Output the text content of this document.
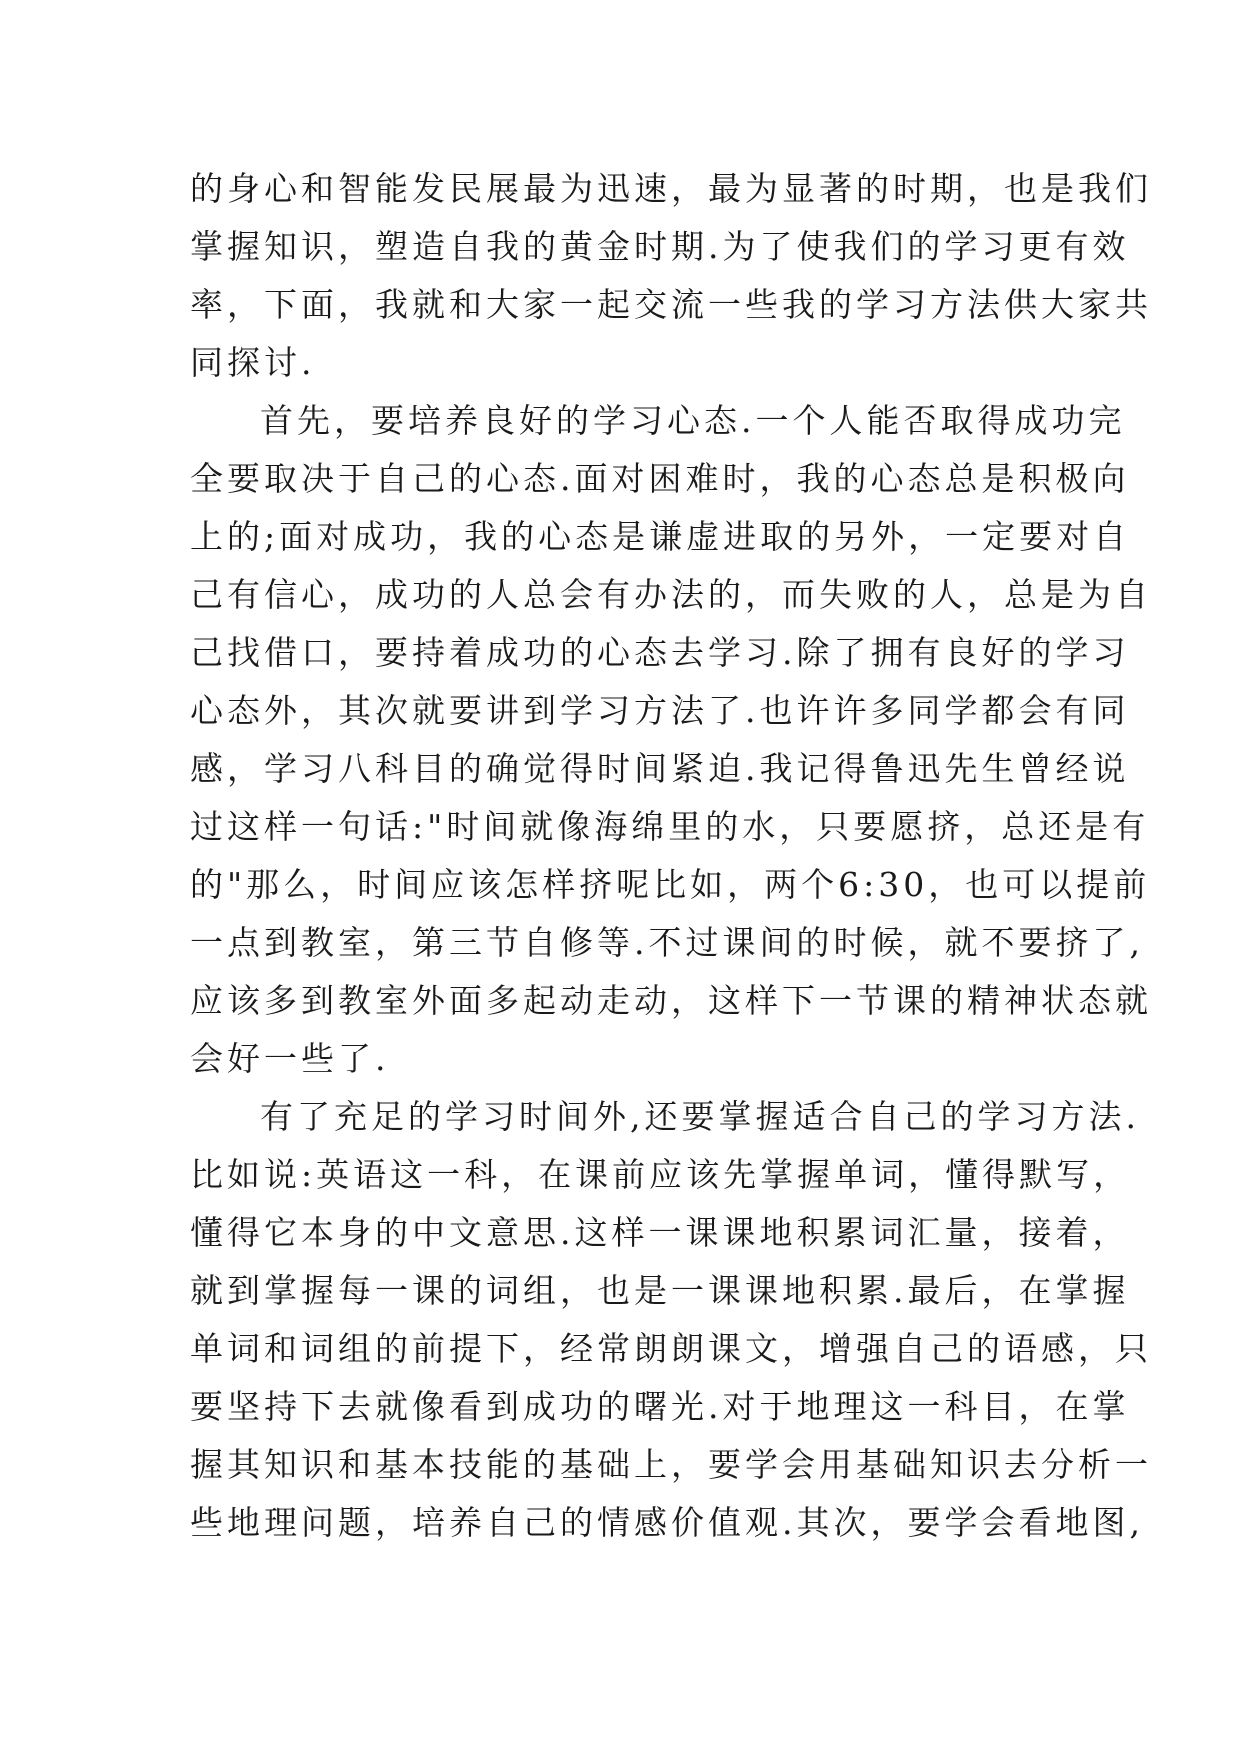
的身心和智能发民展最为迅速，最为显著的时期，也是我们
掌握知识，塑造自我的黄金时期.为了使我们的学习更有效
率，下面，我就和大家一起交流一些我的学习方法供大家共
同探讨.
首先，要培养良好的学习心态.一个人能否取得成功完
全要取决于自己的心态.面对困难时，我的心态总是积极向
上的;面对成功，我的心态是谦虚进取的另外，一定要对自
己有信心，成功的人总会有办法的，而失败的人，总是为自
己找借口，要持着成功的心态去学习.除了拥有良好的学习
心态外，其次就要讲到学习方法了.也许许多同学都会有同
感，学习八科目的确觉得时间紧迫.我记得鲁迅先生曾经说
过这样一句话:"时间就像海绵里的水，只要愿挤，总还是有
的"那么，时间应该怎样挤呢比如，两个6:30，也可以提前
一点到教室，第三节自修等.不过课间的时候，就不要挤了,
应该多到教室外面多起动走动，这样下一节课的精神状态就
会好一些了.
有了充足的学习时间外,还要掌握适合自己的学习方法.
比如说:英语这一科，在课前应该先掌握单词，懂得默写，
懂得它本身的中文意思.这样一课课地积累词汇量，接着，
就到掌握每一课的词组，也是一课课地积累.最后，在掌握
单词和词组的前提下，经常朗朗课文，增强自己的语感，只
要坚持下去就像看到成功的曙光.对于地理这一科目，在掌
握其知识和基本技能的基础上，要学会用基础知识去分析一
些地理问题，培养自己的情感价值观.其次，要学会看地图,
